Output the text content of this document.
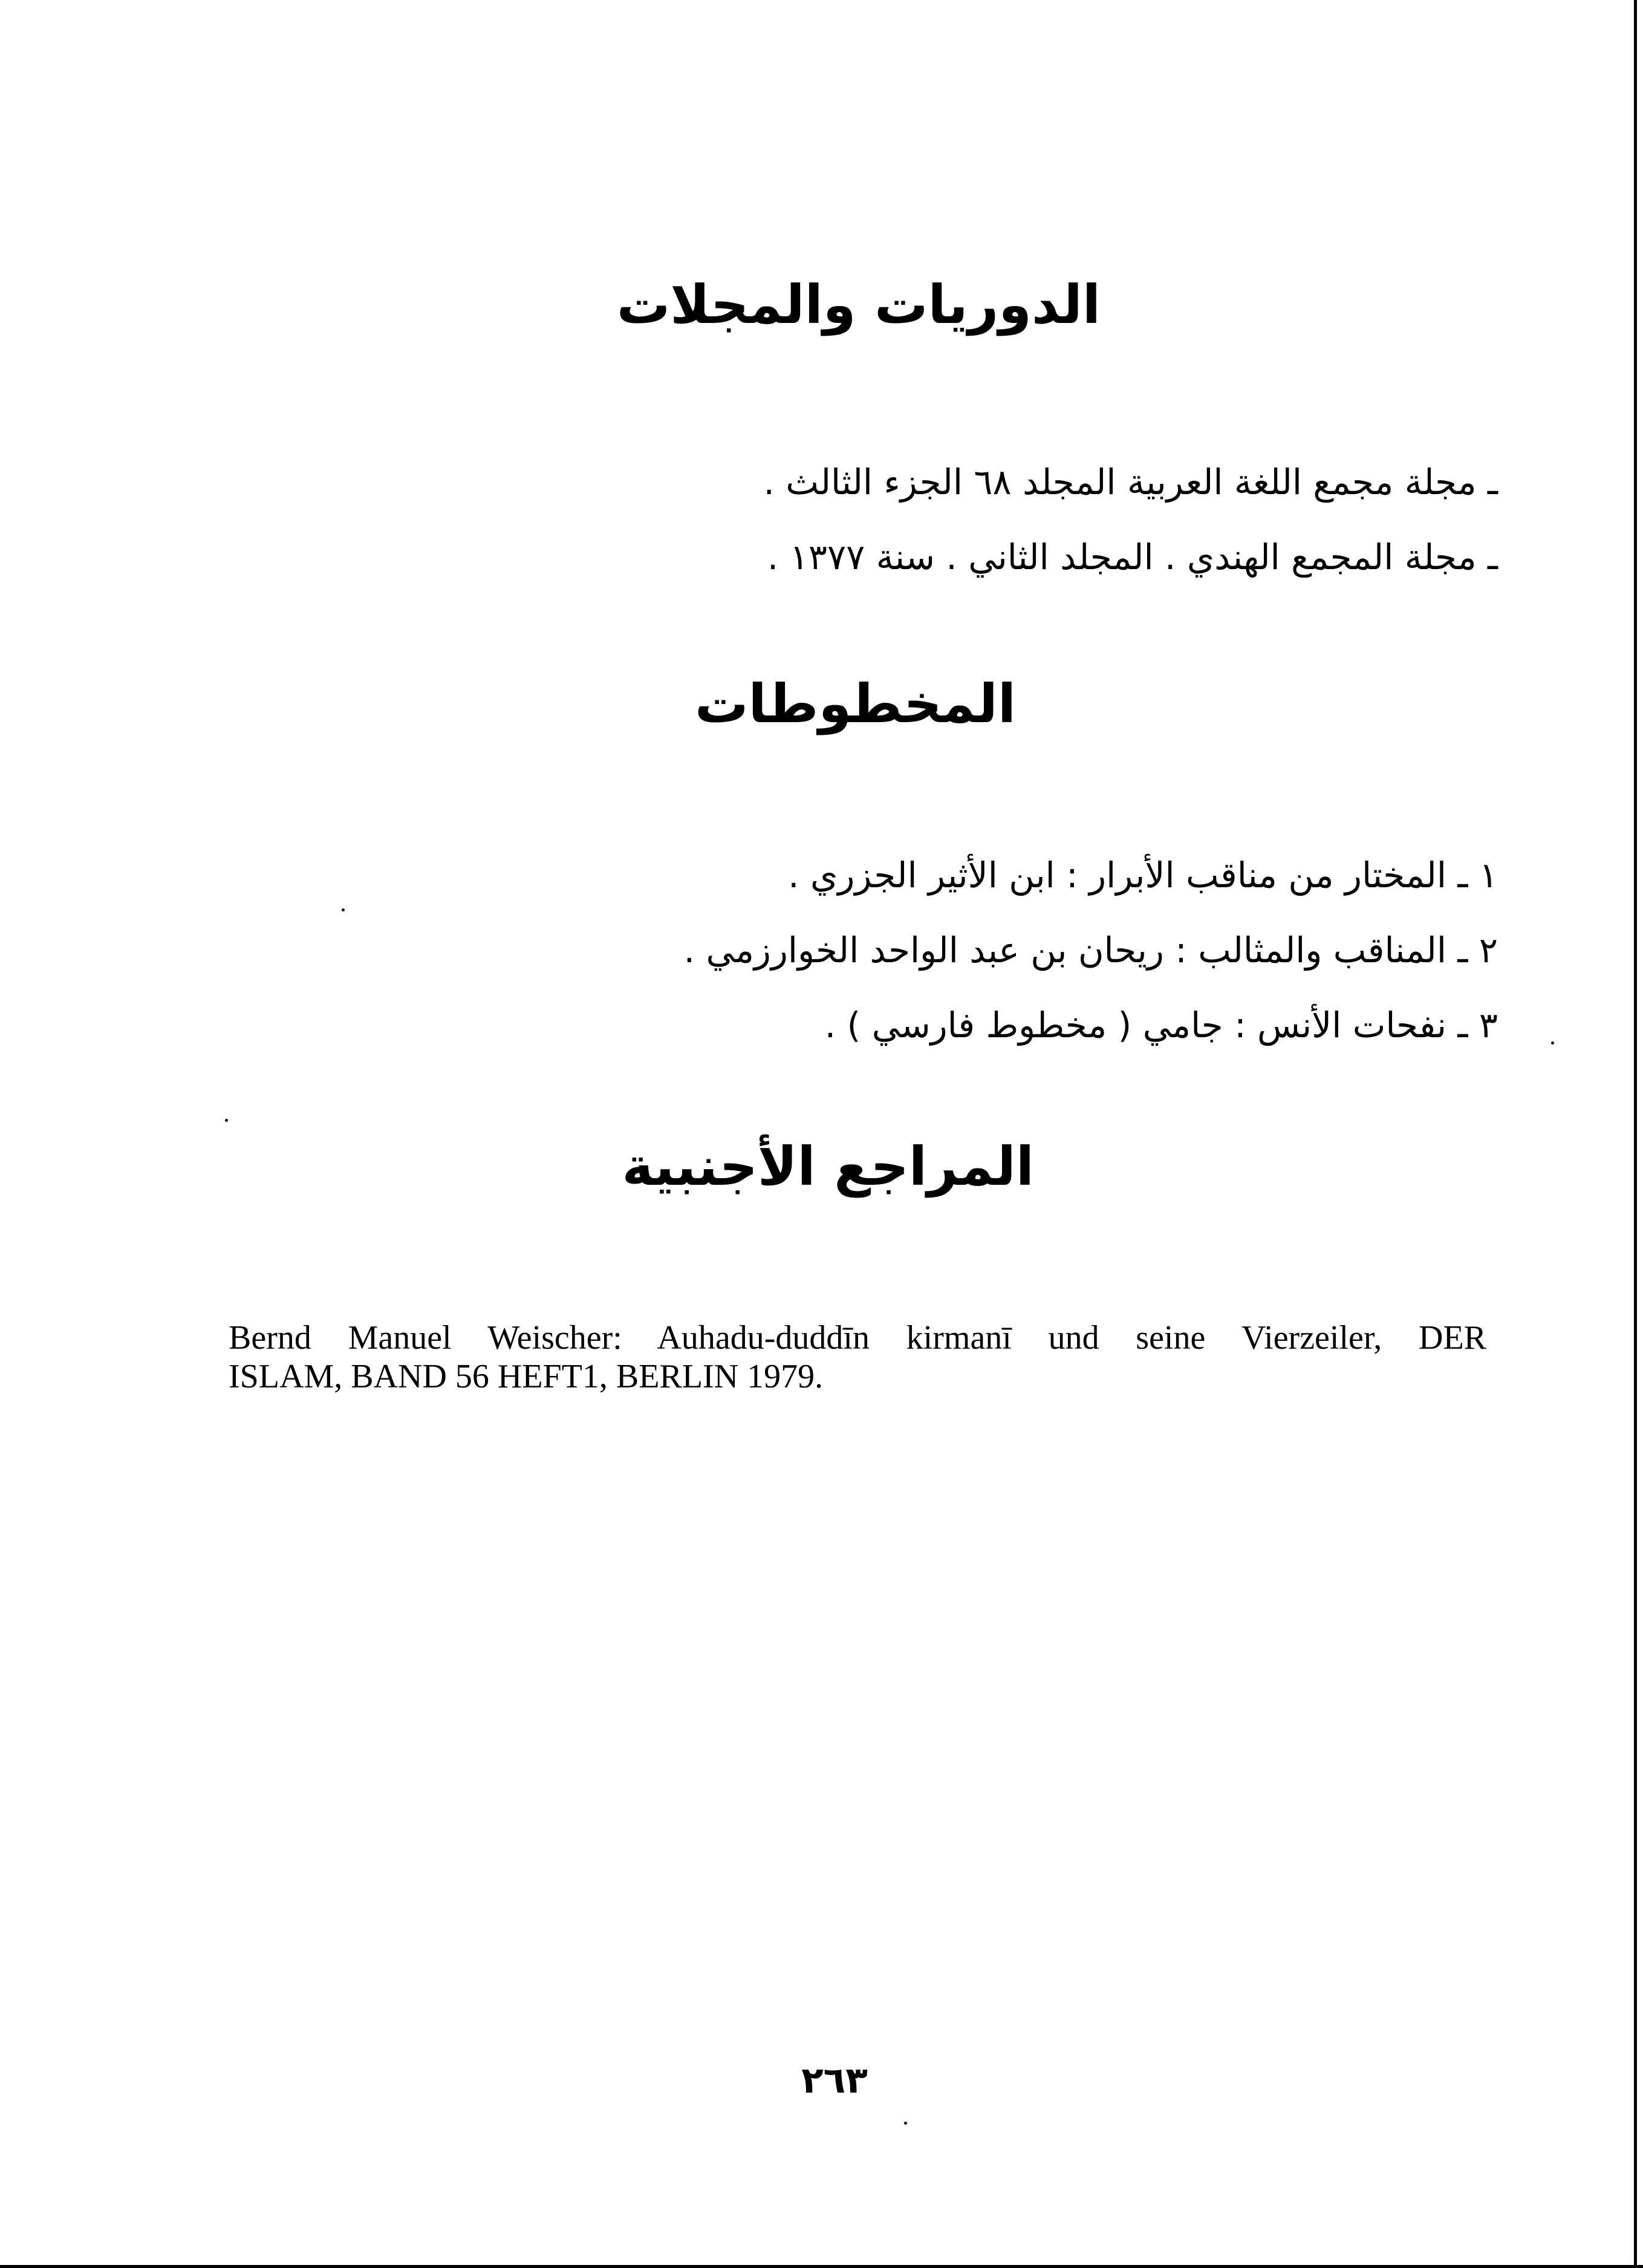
الدوريات والمجلات
ـ مجلة مجمع اللغة العربية المجلد ٦٨ الجزء الثالث .
ـ مجلة المجمع الهندي . المجلد الثاني . سنة ١٣٧٧ .
المخطوطات
١ ـ المختار من مناقب الأبرار : ابن الأثير الجزري .
٢ ـ المناقب والمثالب : ريحان بن عبد الواحد الخوارزمي .
٣ ـ نفحات الأنس : جامي ( مخطوط فارسي ) .
المراجع الأجنبية
Bernd Manuel Weischer: Auhadu-duddīn kirmanī und seine Vierzeiler, DER
ISLAM, BAND 56 HEFT1, BERLIN 1979.
٢٦٣
